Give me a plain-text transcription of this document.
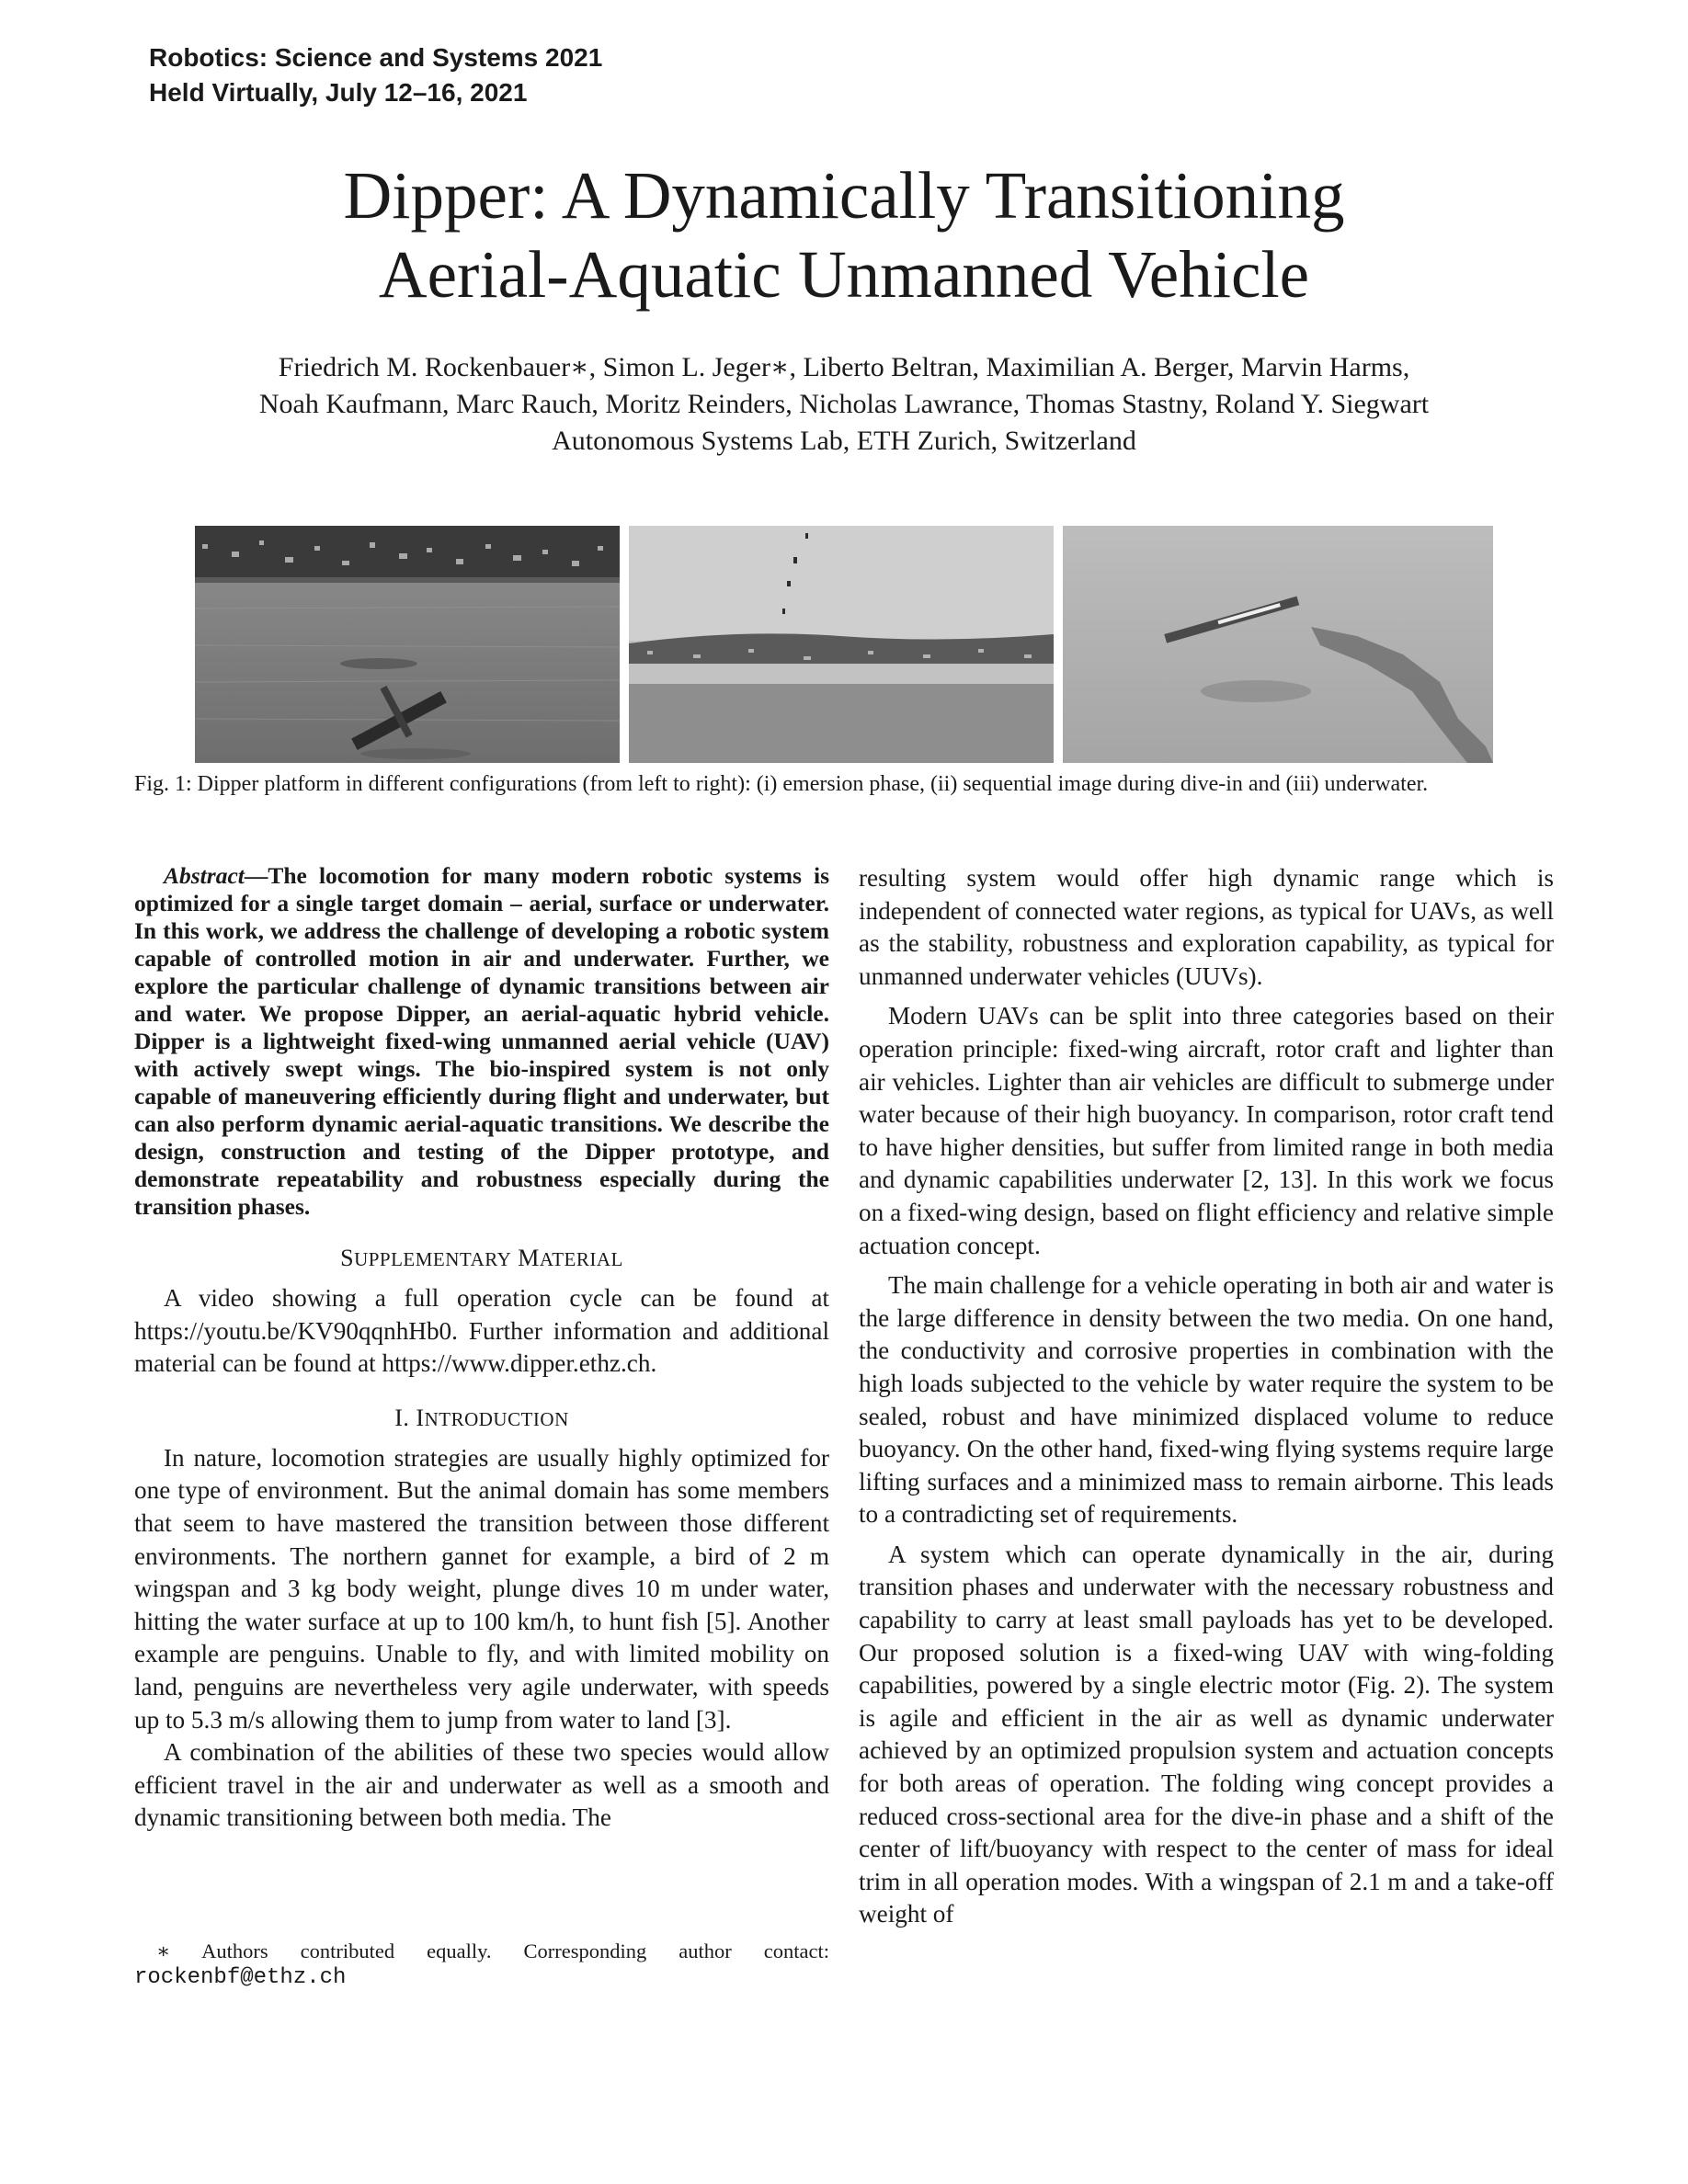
Robotics: Science and Systems 2021
Held Virtually, July 12–16, 2021
Dipper: A Dynamically Transitioning
Aerial-Aquatic Unmanned Vehicle
Friedrich M. Rockenbauer∗, Simon L. Jeger∗, Liberto Beltran, Maximilian A. Berger, Marvin Harms,
Noah Kaufmann, Marc Rauch, Moritz Reinders, Nicholas Lawrance, Thomas Stastny, Roland Y. Siegwart
Autonomous Systems Lab, ETH Zurich, Switzerland
Fig. 1: Dipper platform in different configurations (from left to right): (i) emersion phase, (ii) sequential image during dive-in and (iii) underwater.

Abstract—The locomotion for many modern robotic systems is optimized for a single target domain – aerial, surface or underwater. In this work, we address the challenge of developing a robotic system capable of controlled motion in air and underwater. Further, we explore the particular challenge of dynamic transitions between air and water. We propose Dipper, an aerial-aquatic hybrid vehicle. Dipper is a lightweight fixed-wing unmanned aerial vehicle (UAV) with actively swept wings. The bio-inspired system is not only capable of maneuvering efficiently during flight and underwater, but can also perform dynamic aerial-aquatic transitions. We describe the design, construction and testing of the Dipper prototype, and demonstrate repeatability and robustness especially during the transition phases.

SUPPLEMENTARY MATERIAL

A video showing a full operation cycle can be found at https://youtu.be/KV90qqnhHb0. Further information and additional material can be found at https://www.dipper.ethz.ch.

I. INTRODUCTION

In nature, locomotion strategies are usually highly optimized for one type of environment. But the animal domain has some members that seem to have mastered the transition between those different environments. The northern gannet for example, a bird of 2 m wingspan and 3 kg body weight, plunge dives 10 m under water, hitting the water surface at up to 100 km/h, to hunt fish [5]. Another example are penguins. Unable to fly, and with limited mobility on land, penguins are nevertheless very agile underwater, with speeds up to 5.3 m/s allowing them to jump from water to land [3].

A combination of the abilities of these two species would allow efficient travel in the air and underwater as well as a smooth and dynamic transitioning between both media. The

∗ Authors contributed equally. Corresponding author contact:
rockenbf@ethz.ch

resulting system would offer high dynamic range which is independent of connected water regions, as typical for UAVs, as well as the stability, robustness and exploration capability, as typical for unmanned underwater vehicles (UUVs).

Modern UAVs can be split into three categories based on their operation principle: fixed-wing aircraft, rotor craft and lighter than air vehicles. Lighter than air vehicles are difficult to submerge under water because of their high buoyancy. In comparison, rotor craft tend to have higher densities, but suffer from limited range in both media and dynamic capabilities underwater [2, 13]. In this work we focus on a fixed-wing design, based on flight efficiency and relative simple actuation concept.

The main challenge for a vehicle operating in both air and water is the large difference in density between the two media. On one hand, the conductivity and corrosive properties in combination with the high loads subjected to the vehicle by water require the system to be sealed, robust and have minimized displaced volume to reduce buoyancy. On the other hand, fixed-wing flying systems require large lifting surfaces and a minimized mass to remain airborne. This leads to a contradicting set of requirements.

A system which can operate dynamically in the air, during transition phases and underwater with the necessary robustness and capability to carry at least small payloads has yet to be developed. Our proposed solution is a fixed-wing UAV with wing-folding capabilities, powered by a single electric motor (Fig. 2). The system is agile and efficient in the air as well as dynamic underwater achieved by an optimized propulsion system and actuation concepts for both areas of operation. The folding wing concept provides a reduced cross-sectional area for the dive-in phase and a shift of the center of lift/buoyancy with respect to the center of mass for ideal trim in all operation modes. With a wingspan of 2.1 m and a take-off weight of
